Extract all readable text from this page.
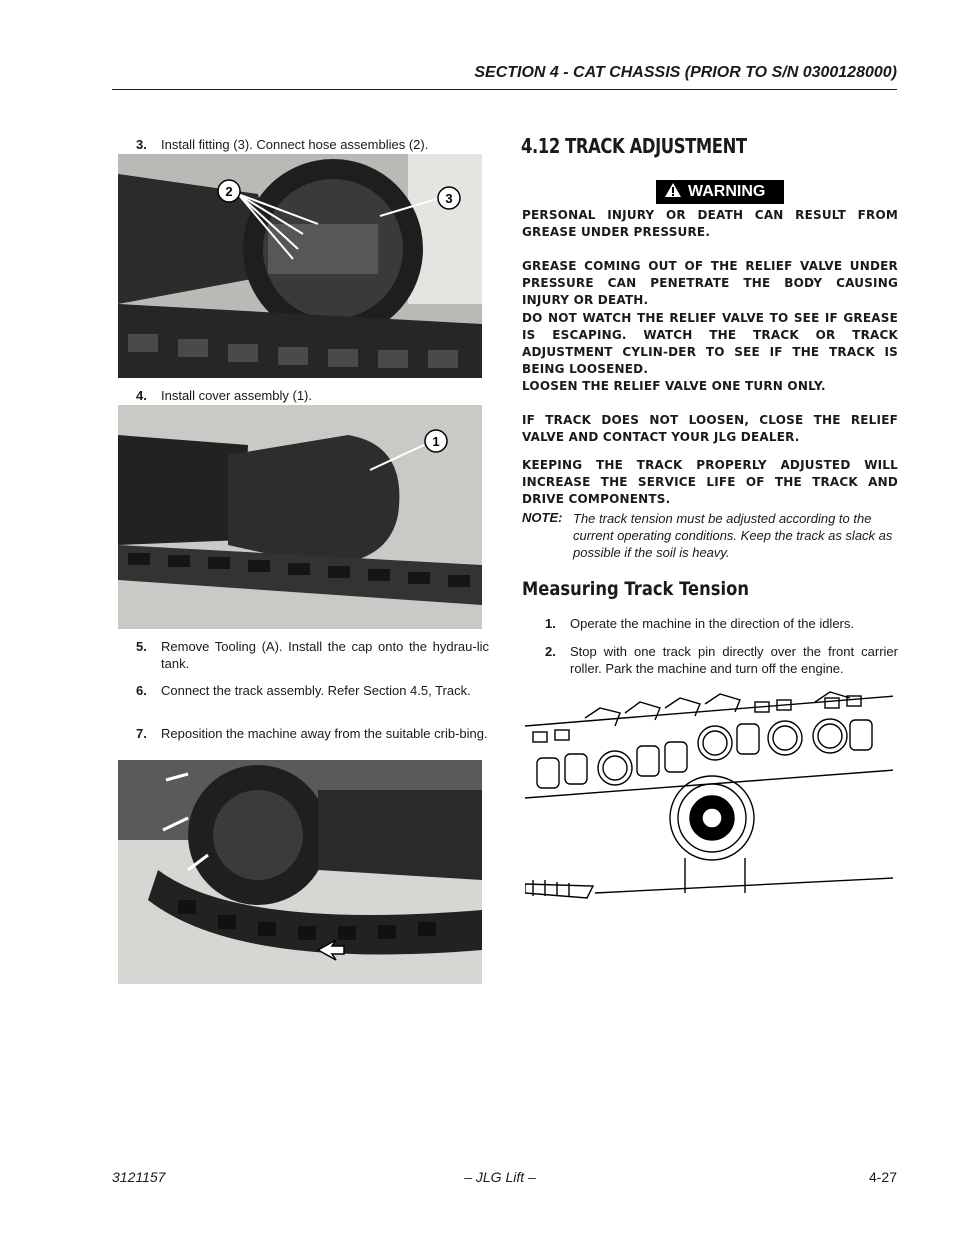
SECTION 4 - CAT CHASSIS (PRIOR TO S/N 0300128000)
3. Install fitting (3). Connect hose assemblies (2).
2	3
4. Install cover assembly (1).
1
5. Remove Tooling (A). Install the cap onto the hydrau-lic tank.
6. Connect the track assembly. Refer Section 4.5, Track.
7. Reposition the machine away from the suitable crib-bing.
4.12 TRACK ADJUSTMENT
WARNING
PERSONAL INJURY OR DEATH CAN RESULT FROM GREASE UNDER PRESSURE.
GREASE COMING OUT OF THE RELIEF VALVE UNDER PRESSURE CAN PENETRATE THE BODY CAUSING INJURY OR DEATH.
DO NOT WATCH THE RELIEF VALVE TO SEE IF GREASE IS ESCAPING. WATCH THE TRACK OR TRACK ADJUSTMENT CYLIN-DER TO SEE IF THE TRACK IS BEING LOOSENED.
LOOSEN THE RELIEF VALVE ONE TURN ONLY.
IF TRACK DOES NOT LOOSEN, CLOSE THE RELIEF VALVE AND CONTACT YOUR JLG DEALER.
KEEPING THE TRACK PROPERLY ADJUSTED WILL INCREASE THE SERVICE LIFE OF THE TRACK AND DRIVE COMPONENTS.
NOTE: The track tension must be adjusted according to the current operating conditions. Keep the track as slack as possible if the soil is heavy.
Measuring Track Tension
1. Operate the machine in the direction of the idlers.
2. Stop with one track pin directly over the front carrier roller. Park the machine and turn off the engine.
3121157	– JLG Lift –	4-27
